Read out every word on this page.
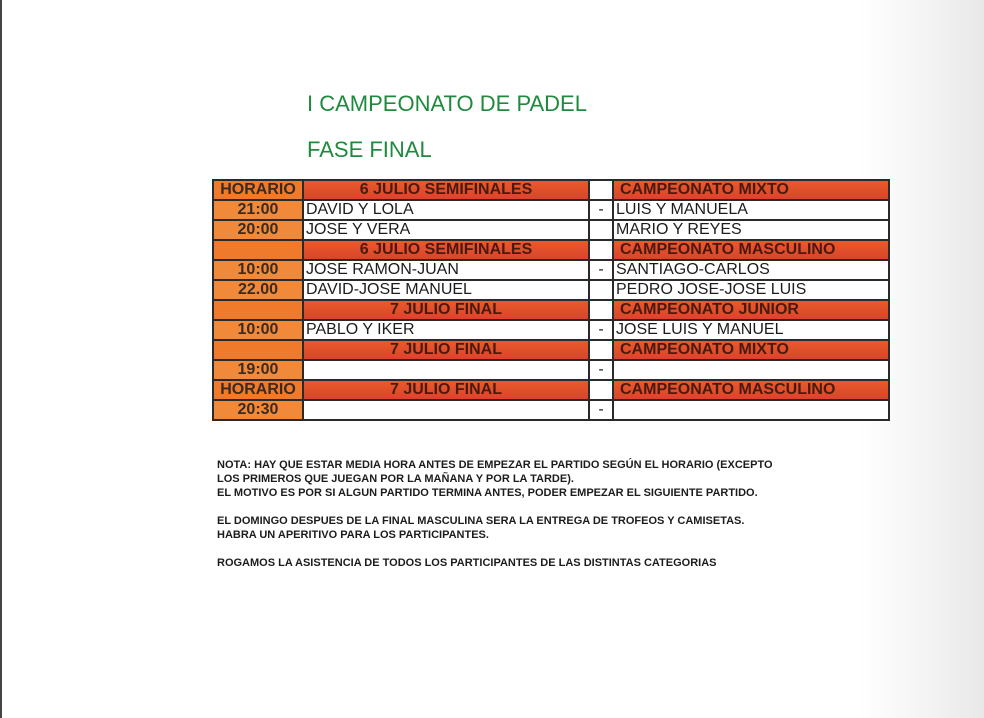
I CAMPEONATO DE PADEL
FASE FINAL
HORARIO	6 JULIO SEMIFINALES		CAMPEONATO MIXTO
21:00	DAVID Y LOLA	-	LUIS Y MANUELA
20:00	JOSE Y VERA		MARIO Y REYES
	6 JULIO SEMIFINALES		CAMPEONATO MASCULINO
10:00	JOSE RAMON-JUAN	-	SANTIAGO-CARLOS
22.00	DAVID-JOSE MANUEL		PEDRO JOSE-JOSE LUIS
	7 JULIO FINAL		CAMPEONATO JUNIOR
10:00	PABLO Y IKER	-	JOSE LUIS Y MANUEL
	7 JULIO FINAL		CAMPEONATO MIXTO
19:00		-	
HORARIO	7 JULIO FINAL		CAMPEONATO MASCULINO
20:30		-	

NOTA: HAY QUE ESTAR MEDIA HORA ANTES DE EMPEZAR EL PARTIDO SEGÚN EL HORARIO (EXCEPTO
LOS PRIMEROS QUE JUEGAN POR LA MAÑANA Y POR LA TARDE).
EL MOTIVO ES POR SI ALGUN PARTIDO TERMINA ANTES, PODER EMPEZAR EL SIGUIENTE PARTIDO.

EL DOMINGO DESPUES DE LA FINAL MASCULINA SERA LA ENTREGA DE TROFEOS Y CAMISETAS.
HABRA UN APERITIVO PARA LOS PARTICIPANTES.

ROGAMOS LA ASISTENCIA DE TODOS LOS PARTICIPANTES DE LAS DISTINTAS CATEGORIAS
